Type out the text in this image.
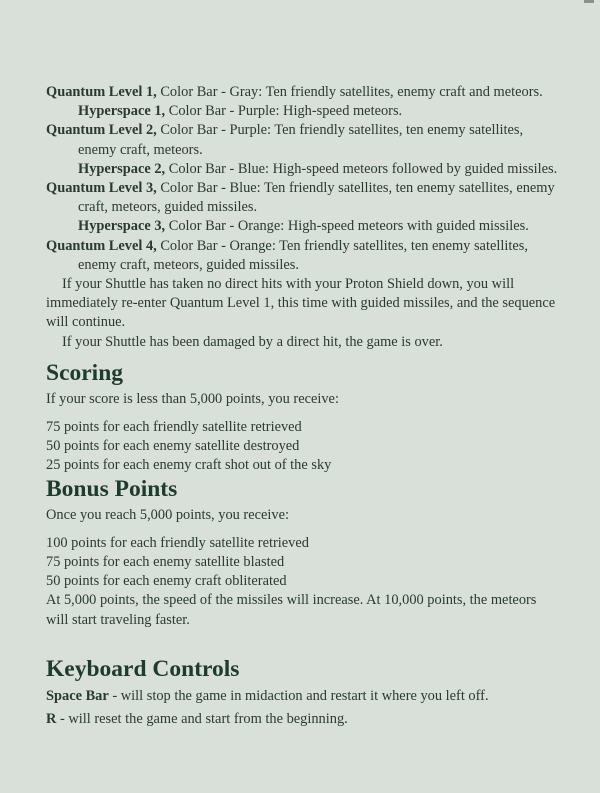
Quantum Level 1, Color Bar - Gray: Ten friendly satellites, enemy craft and meteors.

Hyperspace 1, Color Bar - Purple: High-speed meteors.

Quantum Level 2, Color Bar - Purple: Ten friendly satellites, ten enemy satellites, enemy craft, meteors.

Hyperspace 2, Color Bar - Blue: High-speed meteors followed by guided missiles.

Quantum Level 3, Color Bar - Blue: Ten friendly satellites, ten enemy satellites, enemy craft, meteors, guided missiles.

Hyperspace 3, Color Bar - Orange: High-speed meteors with guided missiles.

Quantum Level 4, Color Bar - Orange: Ten friendly satellites, ten enemy satellites, enemy craft, meteors, guided missiles.

If your Shuttle has taken no direct hits with your Proton Shield down, you will immediately re-enter Quantum Level 1, this time with guided missiles, and the sequence will continue.

If your Shuttle has been damaged by a direct hit, the game is over.

Scoring

If your score is less than 5,000 points, you receive:

75 points for each friendly satellite retrieved

50 points for each enemy satellite destroyed

25 points for each enemy craft shot out of the sky

Bonus Points

Once you reach 5,000 points, you receive:

100 points for each friendly satellite retrieved

75 points for each enemy satellite blasted

50 points for each enemy craft obliterated

At 5,000 points, the speed of the missiles will increase. At 10,000 points, the meteors will start traveling faster.

Keyboard Controls

Space Bar - will stop the game in midaction and restart it where you left off.

R - will reset the game and start from the beginning.
